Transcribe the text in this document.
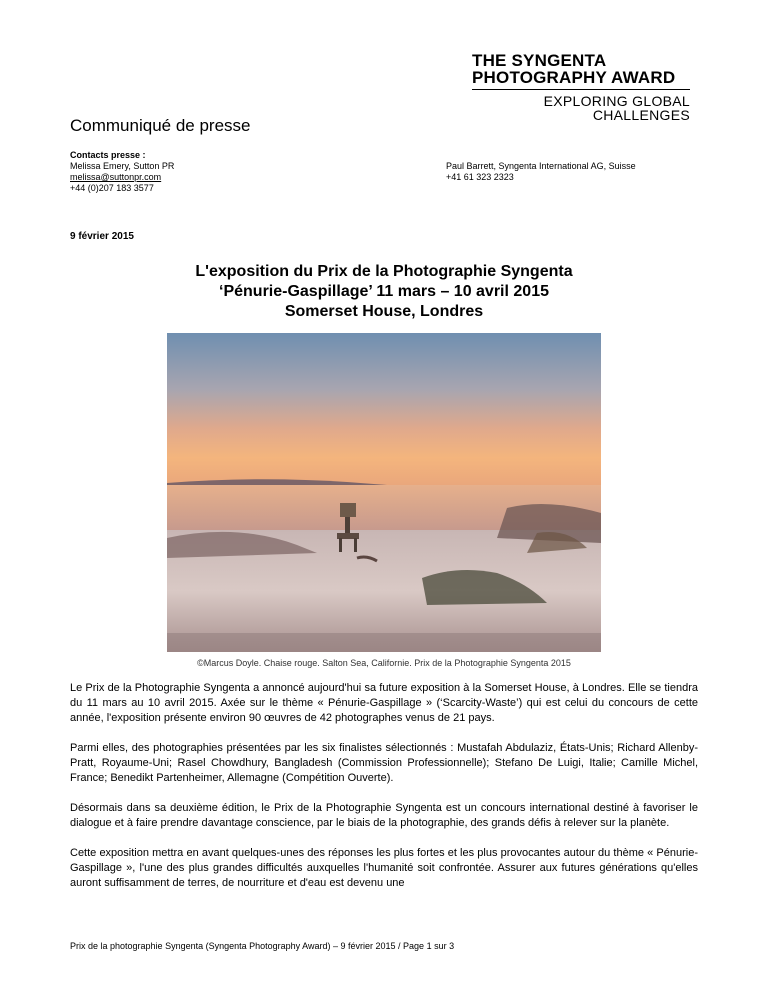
THE SYNGENTA
PHOTOGRAPHY AWARD
EXPLORING GLOBAL
CHALLENGES
Communiqué de presse
Contacts presse :
Melissa Emery, Sutton PR
melissa@suttonpr.com
+44 (0)207 183 3577
Paul Barrett, Syngenta International AG, Suisse
+41 61 323 2323
9 février 2015
L'exposition du Prix de la Photographie Syngenta
‘Pénurie-Gaspillage’ 11 mars – 10 avril 2015
Somerset House, Londres
©Marcus Doyle. Chaise rouge. Salton Sea, Californie. Prix de la Photographie Syngenta 2015

Le Prix de la Photographie Syngenta a annoncé aujourd'hui sa future exposition à la Somerset House, à Londres. Elle se tiendra du 11 mars au 10 avril 2015. Axée sur le thème « Pénurie-Gaspillage » (‘Scarcity-Waste’) qui est celui du concours de cette année, l'exposition présente environ 90 œuvres de 42 photographes venus de 21 pays.

Parmi elles, des photographies présentées par les six finalistes sélectionnés : Mustafah Abdulaziz, États-Unis; Richard Allenby-Pratt, Royaume-Uni; Rasel Chowdhury, Bangladesh (Commission Professionnelle); Stefano De Luigi, Italie; Camille Michel, France; Benedikt Partenheimer, Allemagne (Compétition Ouverte).

Désormais dans sa deuxième édition, le Prix de la Photographie Syngenta est un concours international destiné à favoriser le dialogue et à faire prendre davantage conscience, par le biais de la photographie, des grands défis à relever sur la planète.

Cette exposition mettra en avant quelques-unes des réponses les plus fortes et les plus provocantes autour du thème « Pénurie-Gaspillage », l'une des plus grandes difficultés auxquelles l'humanité soit confrontée. Assurer aux futures générations qu'elles auront suffisamment de terres, de nourriture et d'eau est devenu une

Prix de la photographie Syngenta (Syngenta Photography Award) – 9 février 2015 / Page 1 sur 3
